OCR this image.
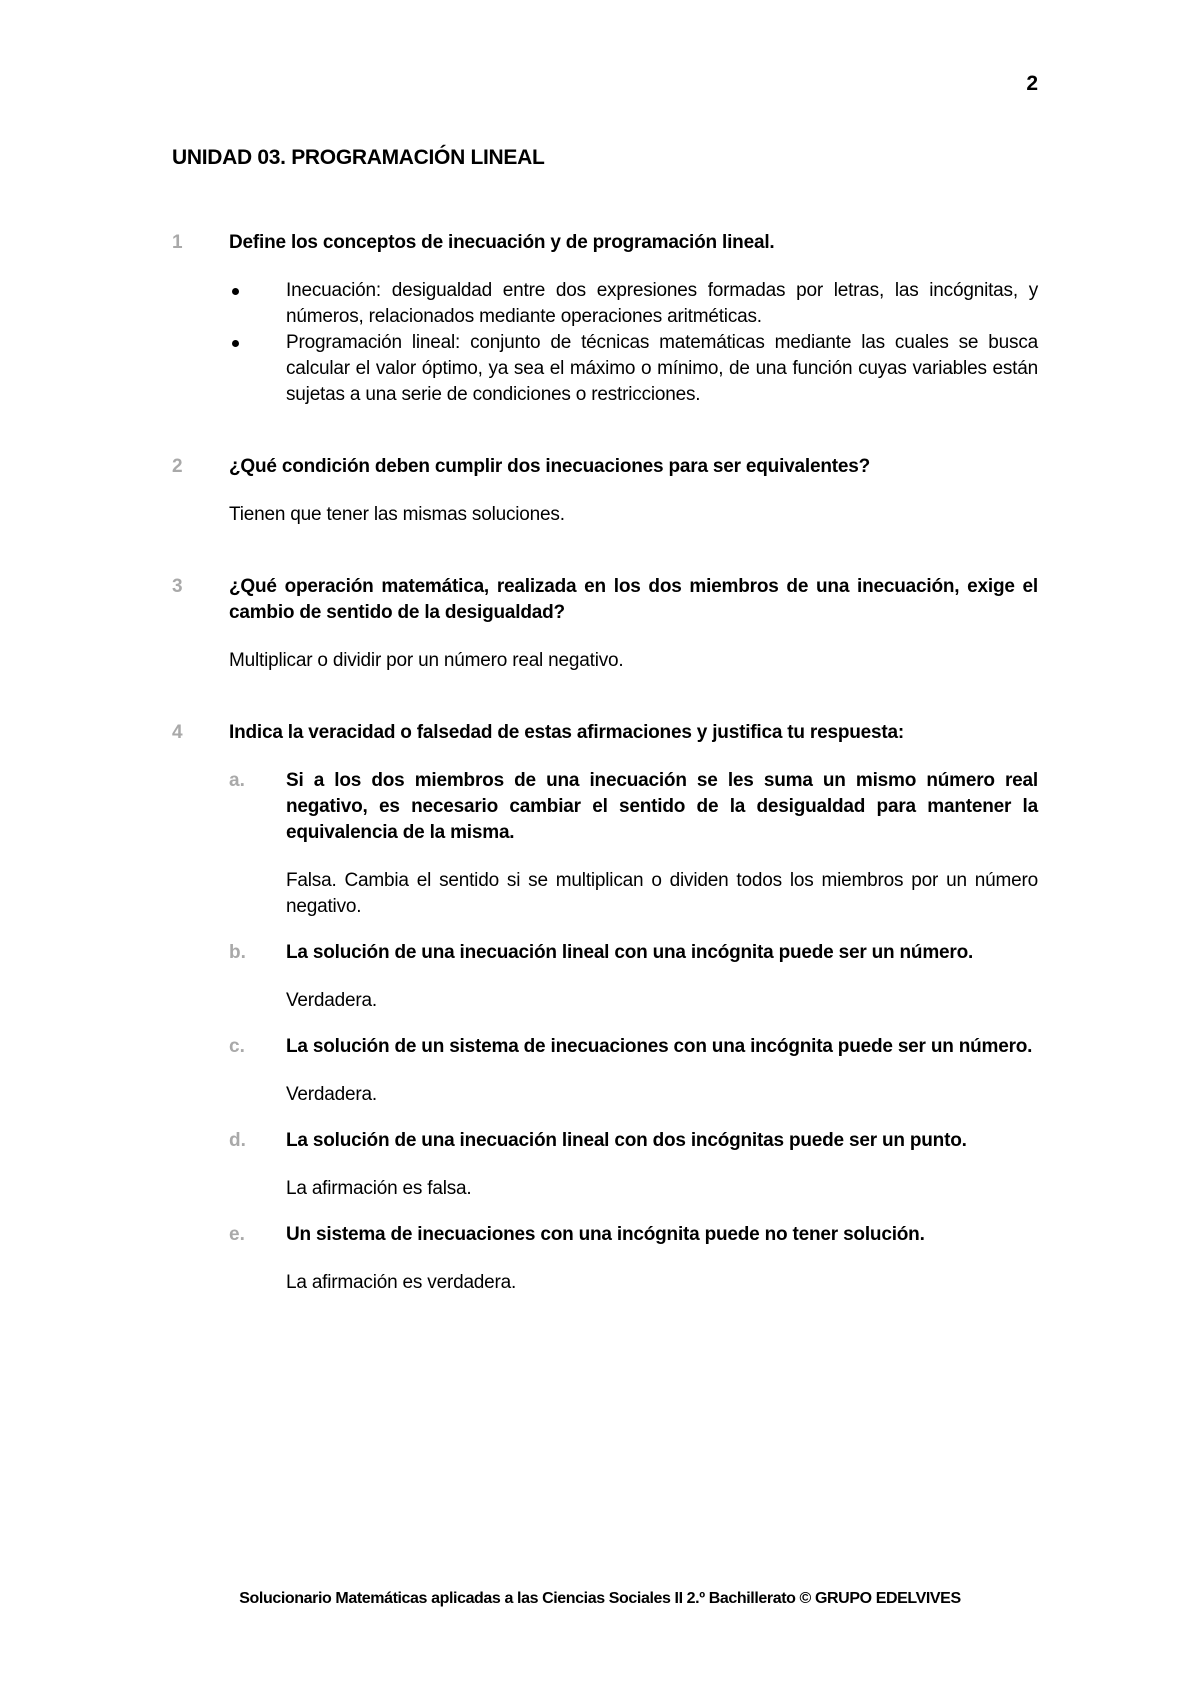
2
UNIDAD 03. PROGRAMACIÓN LINEAL
1 Define los conceptos de inecuación y de programación lineal.
Inecuación: desigualdad entre dos expresiones formadas por letras, las incógnitas, y números, relacionados mediante operaciones aritméticas.
Programación lineal: conjunto de técnicas matemáticas mediante las cuales se busca calcular el valor óptimo, ya sea el máximo o mínimo, de una función cuyas variables están sujetas a una serie de condiciones o restricciones.
2 ¿Qué condición deben cumplir dos inecuaciones para ser equivalentes?
Tienen que tener las mismas soluciones.
3 ¿Qué operación matemática, realizada en los dos miembros de una inecuación, exige el cambio de sentido de la desigualdad?
Multiplicar o dividir por un número real negativo.
4 Indica la veracidad o falsedad de estas afirmaciones y justifica tu respuesta:
a. Si a los dos miembros de una inecuación se les suma un mismo número real negativo, es necesario cambiar el sentido de la desigualdad para mantener la equivalencia de la misma.
Falsa. Cambia el sentido si se multiplican o dividen todos los miembros por un número negativo.
b. La solución de una inecuación lineal con una incógnita puede ser un número.
Verdadera.
c. La solución de un sistema de inecuaciones con una incógnita puede ser un número.
Verdadera.
d. La solución de una inecuación lineal con dos incógnitas puede ser un punto.
La afirmación es falsa.
e. Un sistema de inecuaciones con una incógnita puede no tener solución.
La afirmación es verdadera.
Solucionario Matemáticas aplicadas a las Ciencias Sociales II 2.º Bachillerato © GRUPO EDELVIVES
